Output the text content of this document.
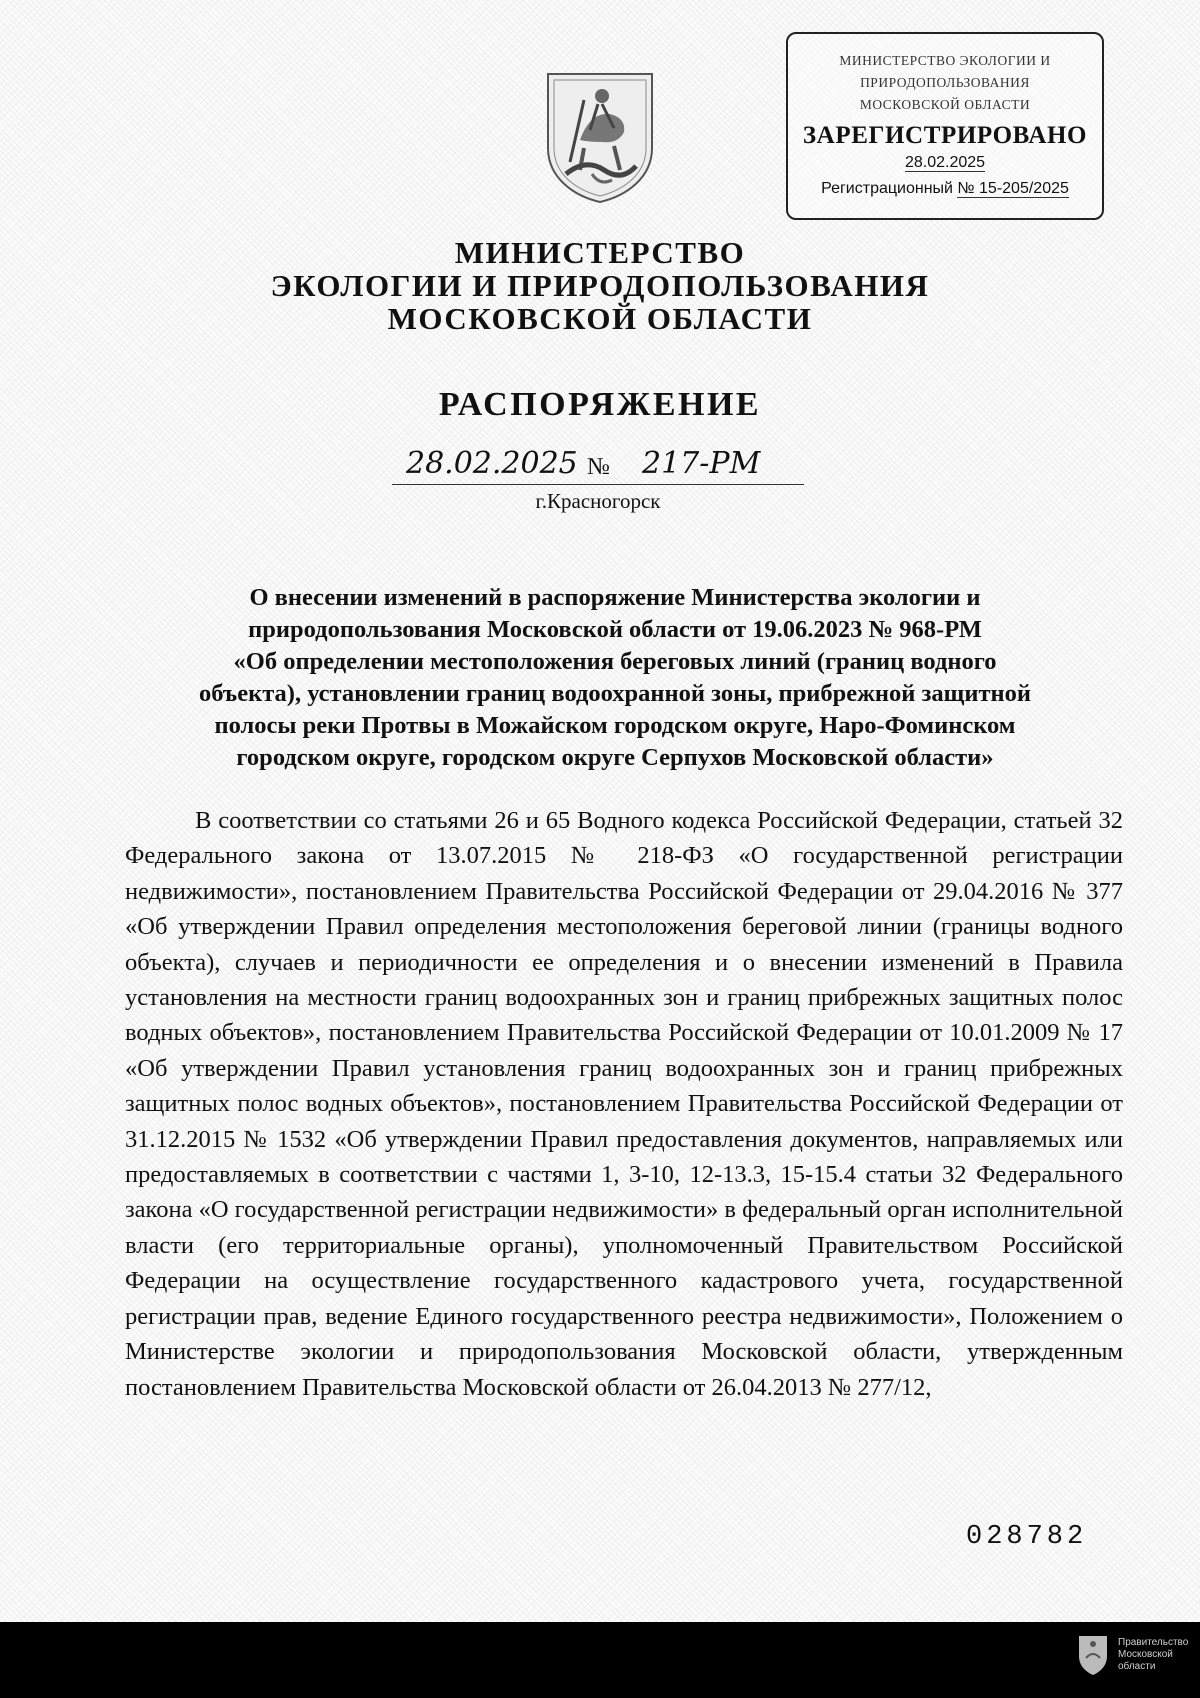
МИНИСТЕРСТВО ЭКОЛОГИИ И
ПРИРОДОПОЛЬЗОВАНИЯ
МОСКОВСКОЙ ОБЛАСТИ
ЗАРЕГИСТРИРОВАНО
28.02.2025
Регистрационный № 15-205/2025
МИНИСТЕРСТВО
ЭКОЛОГИИ И ПРИРОДОПОЛЬЗОВАНИЯ
МОСКОВСКОЙ ОБЛАСТИ
РАСПОРЯЖЕНИЕ
28.02.2025 № 217-РМ
г.Красногорск
О внесении изменений в распоряжение Министерства экологии и
природопользования Московской области от 19.06.2023 № 968-РМ
«Об определении местоположения береговых линий (границ водного
объекта), установлении границ водоохранной зоны, прибрежной защитной
полосы реки Протвы в Можайском городском округе, Наро-Фоминском
городском округе, городском округе Серпухов Московской области»
В соответствии со статьями 26 и 65 Водного кодекса Российской Федерации, статьей 32 Федерального закона от 13.07.2015 № 218-ФЗ «О государственной регистрации недвижимости», постановлением Правительства Российской Федерации от 29.04.2016 № 377 «Об утверждении Правил определения местоположения береговой линии (границы водного объекта), случаев и периодичности ее определения и о внесении изменений в Правила установления на местности границ водоохранных зон и границ прибрежных защитных полос водных объектов», постановлением Правительства Российской Федерации от 10.01.2009 № 17 «Об утверждении Правил установления границ водоохранных зон и границ прибрежных защитных полос водных объектов», постановлением Правительства Российской Федерации от 31.12.2015 № 1532 «Об утверждении Правил предоставления документов, направляемых или предоставляемых в соответствии с частями 1, 3-10, 12-13.3, 15-15.4 статьи 32 Федерального закона «О государственной регистрации недвижимости» в федеральный орган исполнительной власти (его территориальные органы), уполномоченный Правительством Российской Федерации на осуществление государственного кадастрового учета, государственной регистрации прав, ведение Единого государственного реестра недвижимости», Положением о Министерстве экологии и природопользования Московской области, утвержденным постановлением Правительства Московской области от 26.04.2013 № 277/12,
028782
Правительство
Московской области
